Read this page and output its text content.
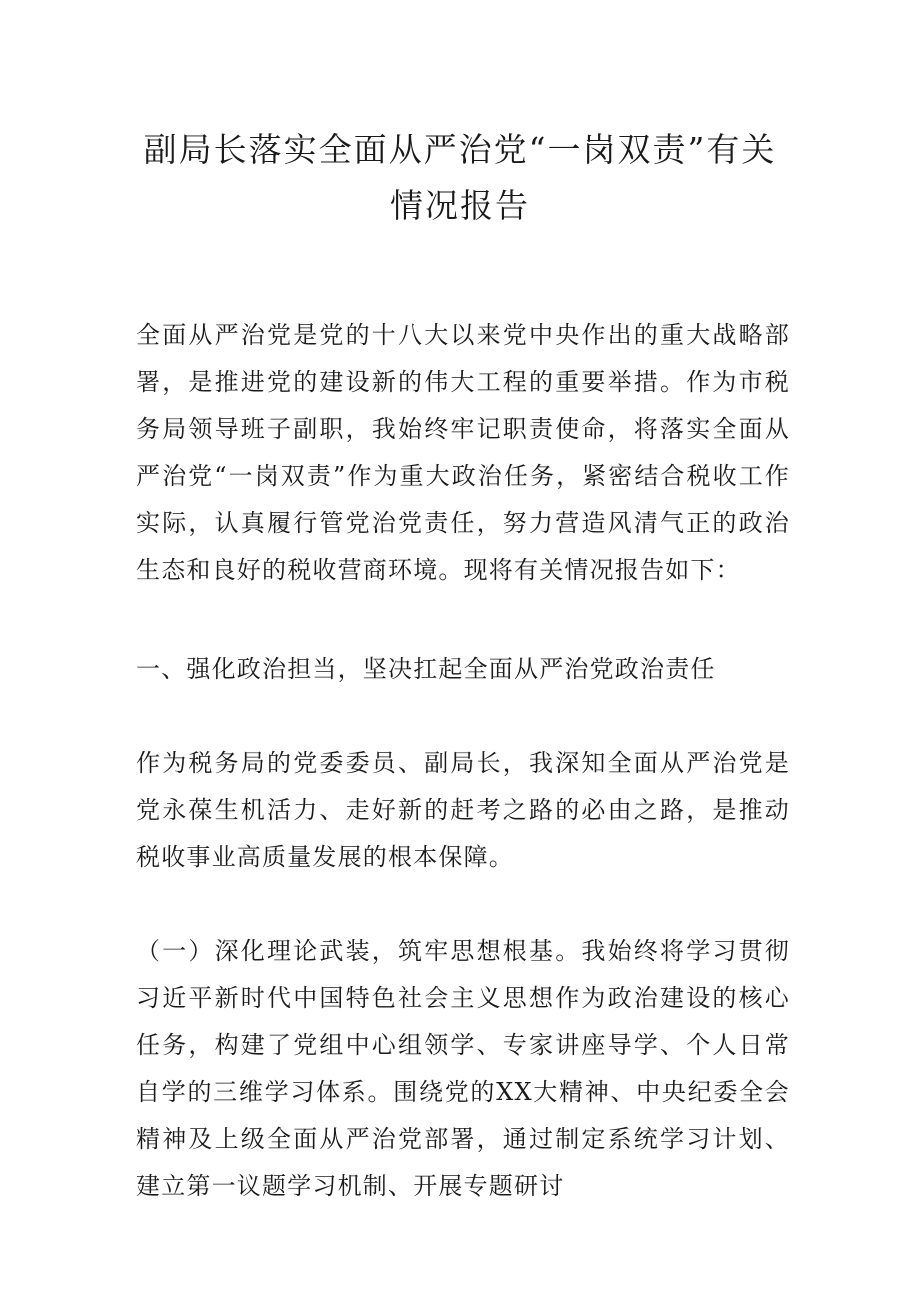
副局长落实全面从严治党“一岗双责”有关情况报告

全面从严治党是党的十八大以来党中央作出的重大战略部署，是推进党的建设新的伟大工程的重要举措。作为市税务局领导班子副职，我始终牢记职责使命，将落实全面从严治党“一岗双责”作为重大政治任务，紧密结合税收工作实际，认真履行管党治党责任，努力营造风清气正的政治生态和良好的税收营商环境。现将有关情况报告如下：

一、强化政治担当，坚决扛起全面从严治党政治责任

作为税务局的党委委员、副局长，我深知全面从严治党是党永葆生机活力、走好新的赶考之路的必由之路，是推动税收事业高质量发展的根本保障。

（一）深化理论武装，筑牢思想根基。我始终将学习贯彻习近平新时代中国特色社会主义思想作为政治建设的核心任务，构建了党组中心组领学、专家讲座导学、个人日常自学的三维学习体系。围绕党的XX大精神、中央纪委全会精神及上级全面从严治党部署，通过制定系统学习计划、建立第一议题学习机制、开展专题研讨
